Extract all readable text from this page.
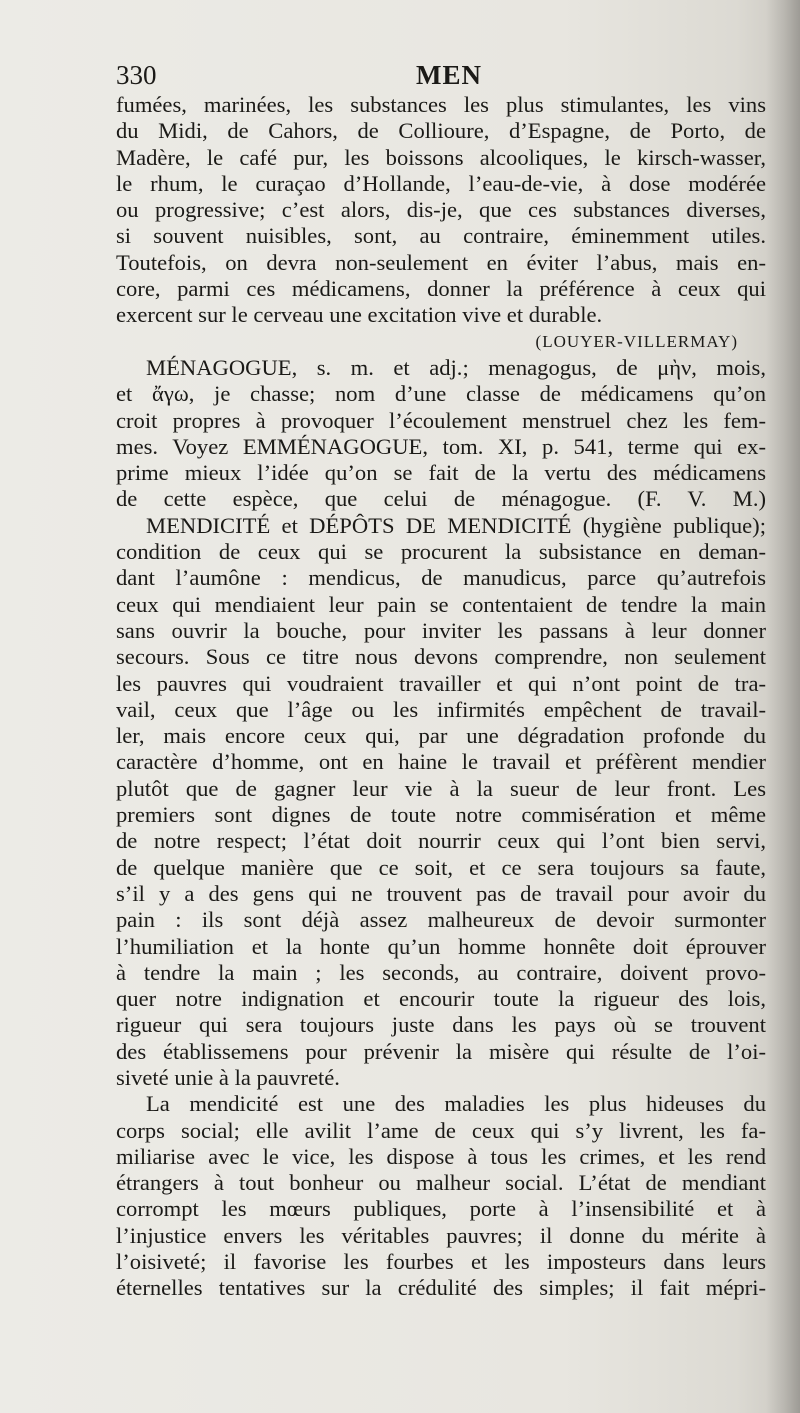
330	MEN
fumées, marinées, les substances les plus stimulantes, les vins
du Midi, de Cahors, de Collioure, d’Espagne, de Porto, de
Madère, le café pur, les boissons alcooliques, le kirsch-wasser,
le rhum, le curaçao d’Hollande, l’eau-de-vie, à dose modérée
ou progressive; c’est alors, dis-je, que ces substances diverses,
si souvent nuisibles, sont, au contraire, éminemment utiles.
Toutefois, on devra non-seulement en éviter l’abus, mais en-
core, parmi ces médicamens, donner la préférence à ceux qui
exercent sur le cerveau une excitation vive et durable.
(LOUYER-VILLERMAY)
MÉNAGOGUE, s. m. et adj.; menagogus, de μὴν, mois,
et ἄγω, je chasse; nom d’une classe de médicamens qu’on
croit propres à provoquer l’écoulement menstruel chez les fem-
mes. Voyez EMMÉNAGOGUE, tom. XI, p. 541, terme qui ex-
prime mieux l’idée qu’on se fait de la vertu des médicamens
de cette espèce, que celui de ménagogue. (F. V. M.)
MENDICITÉ et DÉPÔTS DE MENDICITÉ (hygiène publique);
condition de ceux qui se procurent la subsistance en deman-
dant l’aumône : mendicus, de manudicus, parce qu’autrefois
ceux qui mendiaient leur pain se contentaient de tendre la main
sans ouvrir la bouche, pour inviter les passans à leur donner
secours. Sous ce titre nous devons comprendre, non seulement
les pauvres qui voudraient travailler et qui n’ont point de tra-
vail, ceux que l’âge ou les infirmités empêchent de travail-
ler, mais encore ceux qui, par une dégradation profonde du
caractère d’homme, ont en haine le travail et préfèrent mendier
plutôt que de gagner leur vie à la sueur de leur front. Les
premiers sont dignes de toute notre commisération et même
de notre respect; l’état doit nourrir ceux qui l’ont bien servi,
de quelque manière que ce soit, et ce sera toujours sa faute,
s’il y a des gens qui ne trouvent pas de travail pour avoir du
pain : ils sont déjà assez malheureux de devoir surmonter
l’humiliation et la honte qu’un homme honnête doit éprouver
à tendre la main ; les seconds, au contraire, doivent provo-
quer notre indignation et encourir toute la rigueur des lois,
rigueur qui sera toujours juste dans les pays où se trouvent
des établissemens pour prévenir la misère qui résulte de l’oi-
siveté unie à la pauvreté.
La mendicité est une des maladies les plus hideuses du
corps social; elle avilit l’ame de ceux qui s’y livrent, les fa-
miliarise avec le vice, les dispose à tous les crimes, et les rend
étrangers à tout bonheur ou malheur social. L’état de mendiant
corrompt les mœurs publiques, porte à l’insensibilité et à
l’injustice envers les véritables pauvres; il donne du mérite à
l’oisiveté; il favorise les fourbes et les imposteurs dans leurs
éternelles tentatives sur la crédulité des simples; il fait mépri-
